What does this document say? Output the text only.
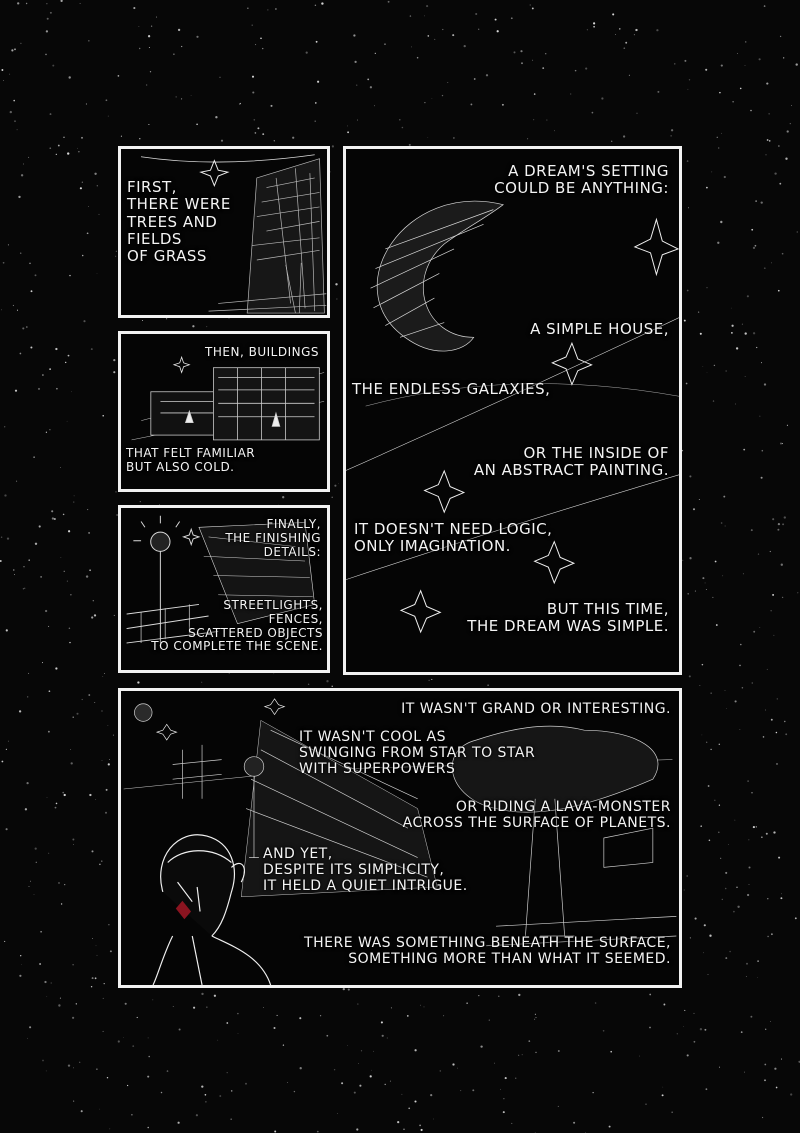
FIRST,
THERE WERE
TREES AND
FIELDS
OF GRASS
THEN, BUILDINGS
THAT FELT FAMILIAR
BUT ALSO COLD.
FINALLY,
THE FINISHING
DETAILS:
STREETLIGHTS,
FENCES,
SCATTERED OBJECTS
TO COMPLETE THE SCENE.
A DREAM'S SETTING
COULD BE ANYTHING:
A SIMPLE HOUSE,
THE ENDLESS GALAXIES,
OR THE INSIDE OF
AN ABSTRACT PAINTING.
IT DOESN'T NEED LOGIC,
ONLY IMAGINATION.
BUT THIS TIME,
THE DREAM WAS SIMPLE.
IT WASN'T GRAND OR INTERESTING.
IT WASN'T COOL AS
SWINGING FROM STAR TO STAR
WITH SUPERPOWERS
OR RIDING A LAVA-MONSTER
ACROSS THE SURFACE OF PLANETS.
AND YET,
DESPITE ITS SIMPLICITY,
IT HELD A QUIET INTRIGUE.
THERE WAS SOMETHING BENEATH THE SURFACE,
SOMETHING MORE THAN WHAT IT SEEMED.
